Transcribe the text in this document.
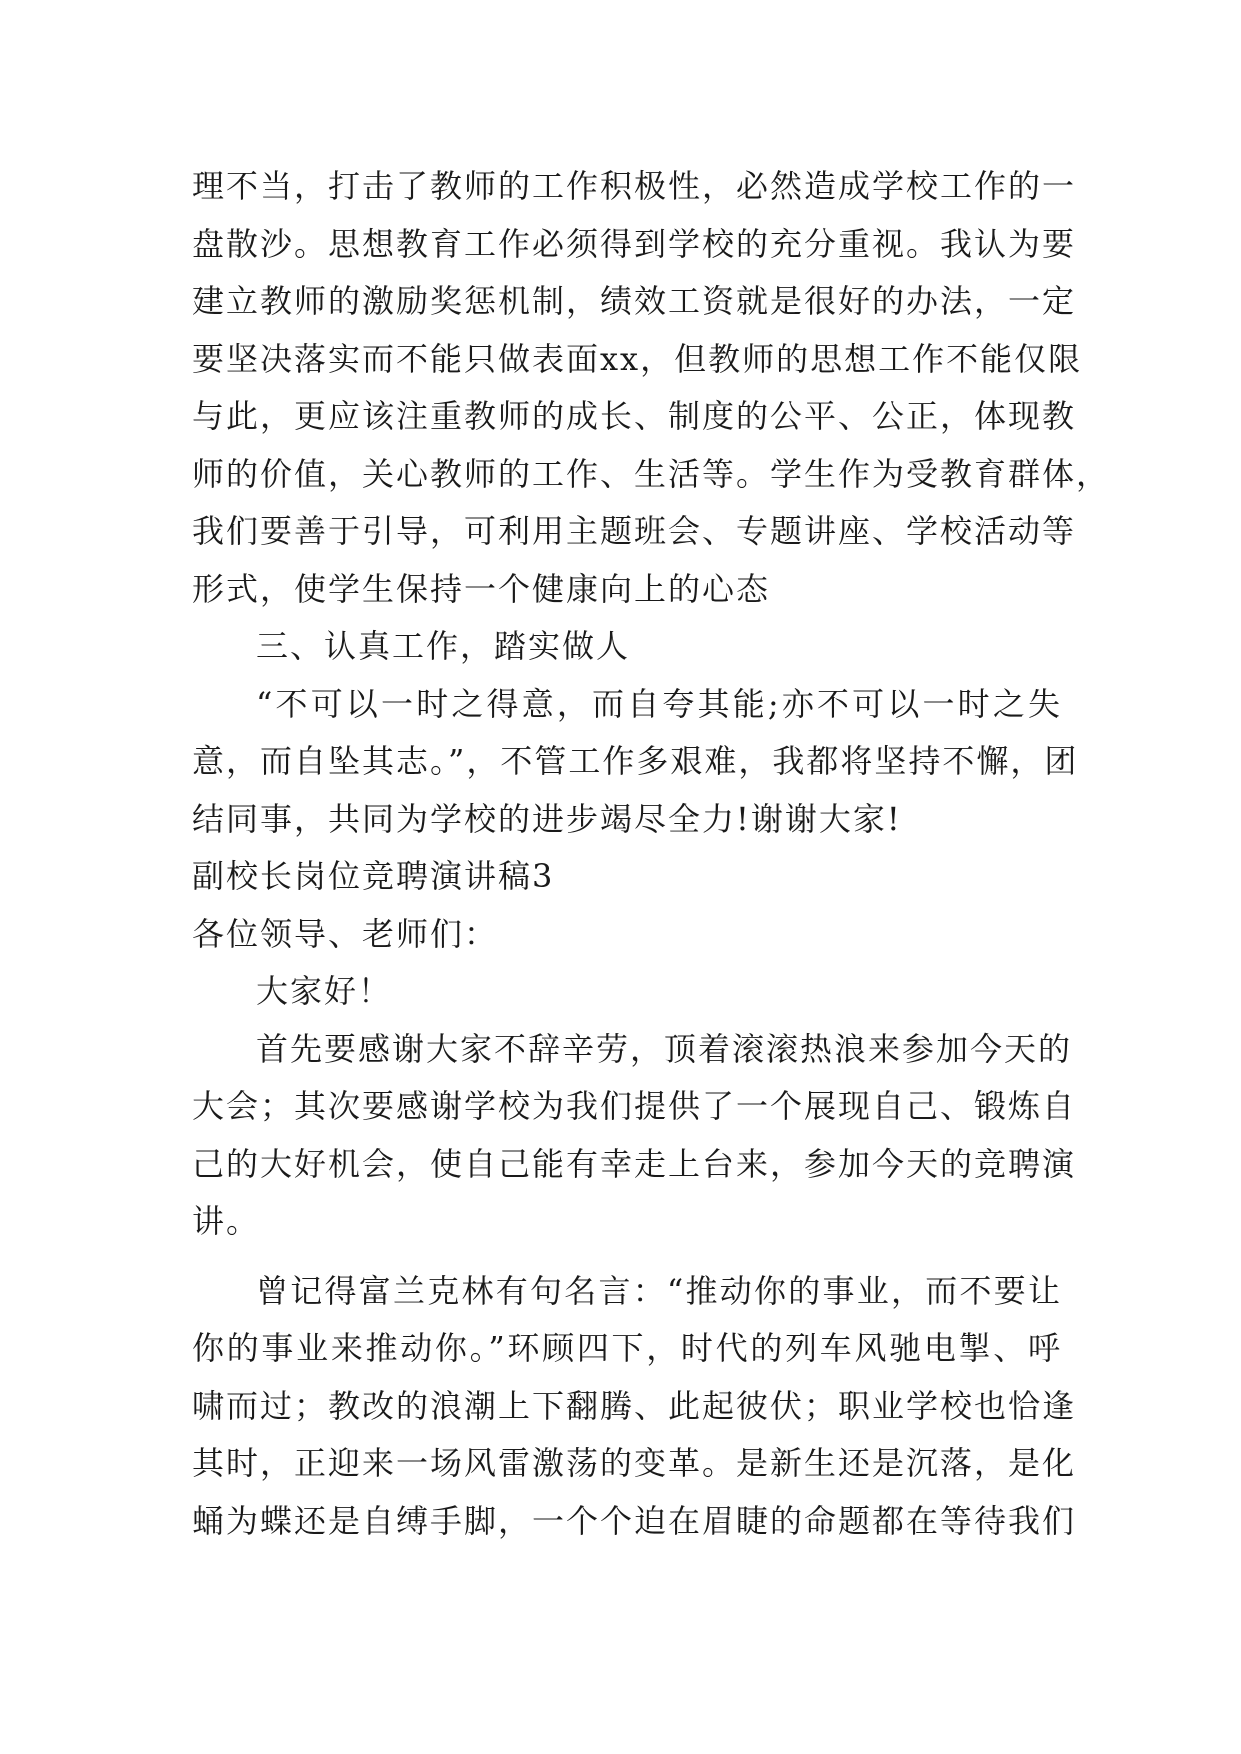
理不当，打击了教师的工作积极性，必然造成学校工作的一
盘散沙。思想教育工作必须得到学校的充分重视。我认为要
建立教师的激励奖惩机制，绩效工资就是很好的办法，一定
要坚决落实而不能只做表面xx，但教师的思想工作不能仅限
与此，更应该注重教师的成长、制度的公平、公正，体现教
师的价值，关心教师的工作、生活等。学生作为受教育群体，
我们要善于引导，可利用主题班会、专题讲座、学校活动等
形式，使学生保持一个健康向上的心态
三、认真工作，踏实做人
“不可以一时之得意，而自夸其能;亦不可以一时之失
意，而自坠其志。”，不管工作多艰难，我都将坚持不懈，团
结同事，共同为学校的进步竭尽全力!谢谢大家!
副校长岗位竞聘演讲稿3
各位领导、老师们：
大家好！
首先要感谢大家不辞辛劳，顶着滚滚热浪来参加今天的
大会；其次要感谢学校为我们提供了一个展现自己、锻炼自
己的大好机会，使自己能有幸走上台来，参加今天的竞聘演
讲。
曾记得富兰克林有句名言：“推动你的事业，而不要让
你的事业来推动你。”环顾四下，时代的列车风驰电掣、呼
啸而过；教改的浪潮上下翻腾、此起彼伏；职业学校也恰逢
其时，正迎来一场风雷激荡的变革。是新生还是沉落，是化
蛹为蝶还是自缚手脚，一个个迫在眉睫的命题都在等待我们
